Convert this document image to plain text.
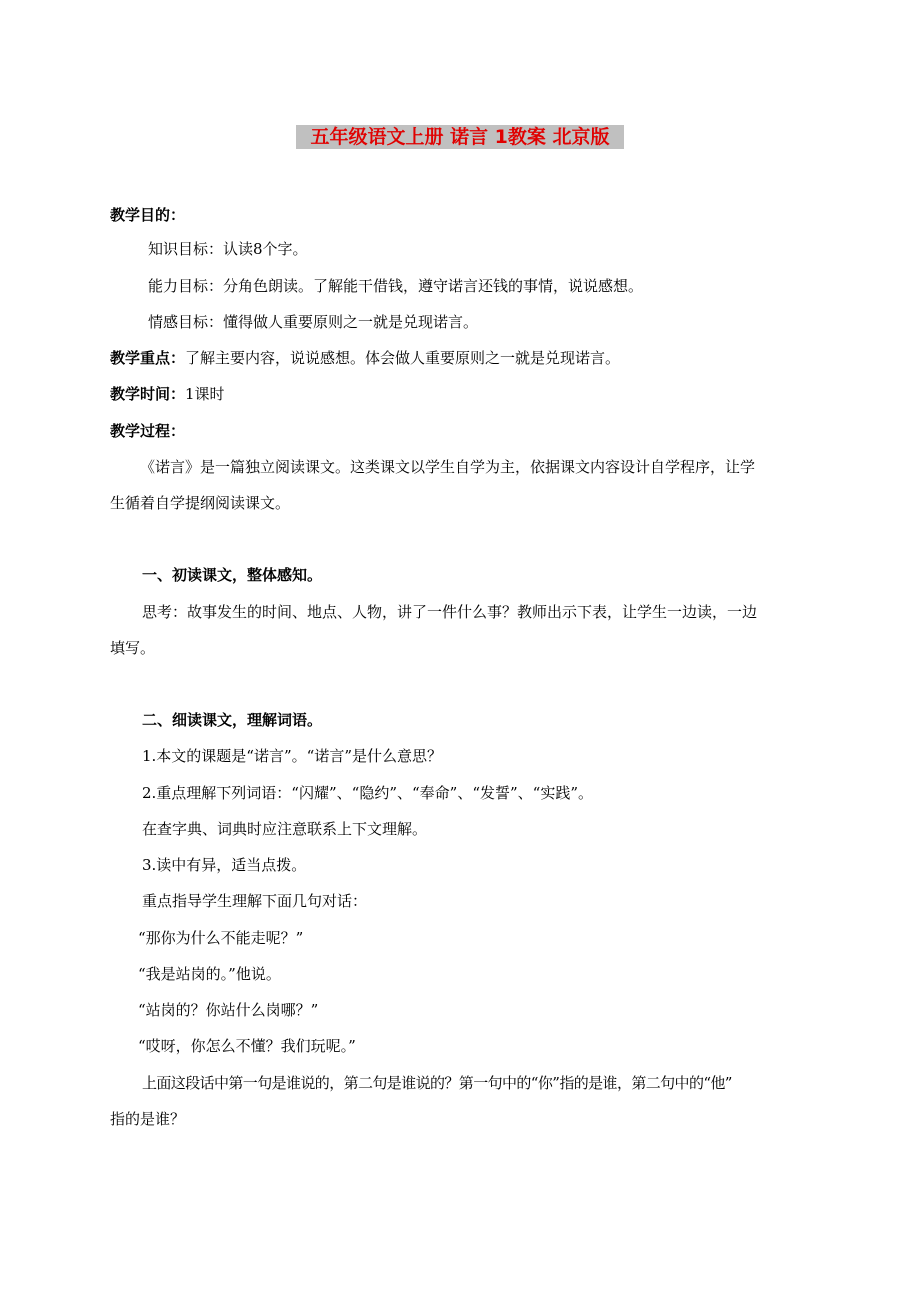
五年级语文上册 诺言 1教案 北京版
教学目的：
知识目标：认读8个字。
能力目标：分角色朗读。了解能干借钱，遵守诺言还钱的事情，说说感想。
情感目标：懂得做人重要原则之一就是兑现诺言。
教学重点：了解主要内容，说说感想。体会做人重要原则之一就是兑现诺言。
教学时间：1课时
教学过程：
《诺言》是一篇独立阅读课文。这类课文以学生自学为主，依据课文内容设计自学程序，让学
生循着自学提纲阅读课文。
一、初读课文，整体感知。
思考：故事发生的时间、地点、人物，讲了一件什么事？教师出示下表，让学生一边读，一边
填写。
二、细读课文，理解词语。
1.本文的课题是“诺言”。“诺言”是什么意思？
2.重点理解下列词语：“闪耀”、“隐约”、“奉命”、“发誓”、“实践”。
在查字典、词典时应注意联系上下文理解。
3.读中有异，适当点拨。
重点指导学生理解下面几句对话：
“那你为什么不能走呢？”
“我是站岗的。”他说。
“站岗的？你站什么岗哪？”
“哎呀，你怎么不懂？我们玩呢。”
上面这段话中第一句是谁说的，第二句是谁说的？第一句中的“你”指的是谁，第二句中的“他”
指的是谁？
